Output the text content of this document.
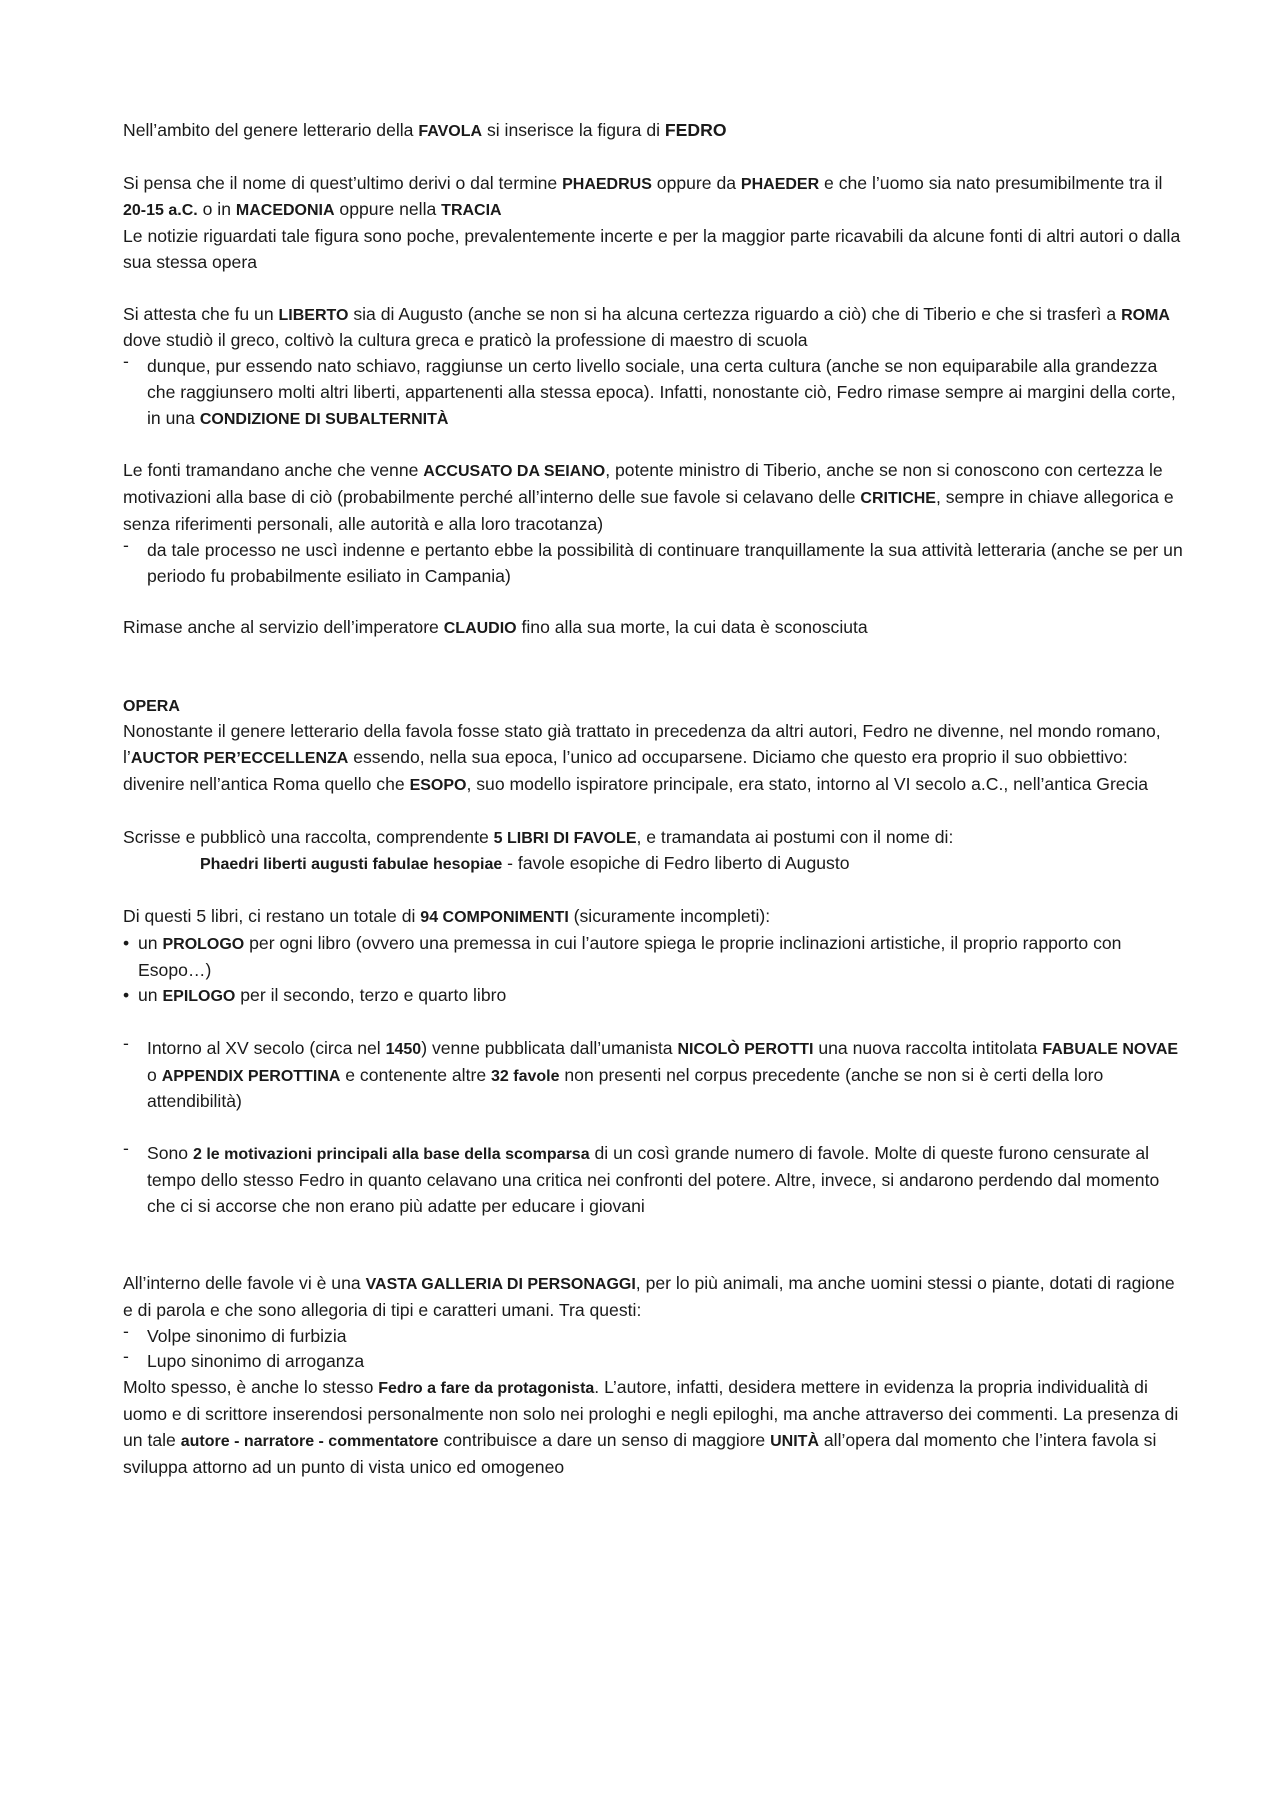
Nell’ambito del genere letterario della FAVOLA si inserisce la figura di FEDRO

Si pensa che il nome di quest’ultimo derivi o dal termine PHAEDRUS oppure da PHAEDER e che l’uomo sia nato presumibilmente tra il 20-15 a.C. o in MACEDONIA oppure nella TRACIA

Le notizie riguardati tale figura sono poche, prevalentemente incerte e per la maggior parte ricavabili da alcune fonti di altri autori o dalla sua stessa opera

Si attesta che fu un LIBERTO sia di Augusto (anche se non si ha alcuna certezza riguardo a ciò) che di Tiberio e che si trasferì a ROMA dove studiò il greco, coltivò la cultura greca e praticò la professione di maestro di scuola

- dunque, pur essendo nato schiavo, raggiunse un certo livello sociale, una certa cultura (anche se non equiparabile alla grandezza che raggiunsero molti altri liberti, appartenenti alla stessa epoca). Infatti, nonostante ciò, Fedro rimase sempre ai margini della corte, in una CONDIZIONE DI SUBALTERNITÀ

Le fonti tramandano anche che venne ACCUSATO DA SEIANO, potente ministro di Tiberio, anche se non si conoscono con certezza le motivazioni alla base di ciò (probabilmente perché all’interno delle sue favole si celavano delle CRITICHE, sempre in chiave allegorica e senza riferimenti personali, alle autorità e alla loro tracotanza)

- da tale processo ne uscì indenne e pertanto ebbe la possibilità di continuare tranquillamente la sua attività letteraria (anche se per un periodo fu probabilmente esiliato in Campania)

Rimase anche al servizio dell’imperatore CLAUDIO fino alla sua morte, la cui data è sconosciuta

OPERA

Nonostante il genere letterario della favola fosse stato già trattato in precedenza da altri autori, Fedro ne divenne, nel mondo romano, l’AUCTOR PER’ECCELLENZA essendo, nella sua epoca, l’unico ad occuparsene. Diciamo che questo era proprio il suo obbiettivo: divenire nell’antica Roma quello che ESOPO, suo modello ispiratore principale, era stato, intorno al VI secolo a.C., nell’antica Grecia

Scrisse e pubblicò una raccolta, comprendente 5 LIBRI DI FAVOLE, e tramandata ai postumi con il nome di:

Phaedri liberti augusti fabulae hesopiae - favole esopiche di Fedro liberto di Augusto

Di questi 5 libri, ci restano un totale di 94 COMPONIMENTI (sicuramente incompleti):

• un PROLOGO per ogni libro (ovvero una premessa in cui l’autore spiega le proprie inclinazioni artistiche, il proprio rapporto con Esopo…)

• un EPILOGO per il secondo, terzo e quarto libro

- Intorno al XV secolo (circa nel 1450) venne pubblicata dall’umanista NICOLÒ PEROTTI una nuova raccolta intitolata FABUALE NOVAE o APPENDIX PEROTTINA e contenente altre 32 favole non presenti nel corpus precedente (anche se non si è certi della loro attendibilità)

- Sono 2 le motivazioni principali alla base della scomparsa di un così grande numero di favole. Molte di queste furono censurate al tempo dello stesso Fedro in quanto celavano una critica nei confronti del potere. Altre, invece, si andarono perdendo dal momento che ci si accorse che non erano più adatte per educare i giovani

All’interno delle favole vi è una VASTA GALLERIA DI PERSONAGGI, per lo più animali, ma anche uomini stessi o piante, dotati di ragione e di parola e che sono allegoria di tipi e caratteri umani. Tra questi:

- Volpe sinonimo di furbizia

- Lupo sinonimo di arroganza

Molto spesso, è anche lo stesso Fedro a fare da protagonista. L’autore, infatti, desidera mettere in evidenza la propria individualità di uomo e di scrittore inserendosi personalmente non solo nei prologhi e negli epiloghi, ma anche attraverso dei commenti. La presenza di un tale autore - narratore - commentatore contribuisce a dare un senso di maggiore UNITÀ all’opera dal momento che l’intera favola si sviluppa attorno ad un punto di vista unico ed omogeneo
